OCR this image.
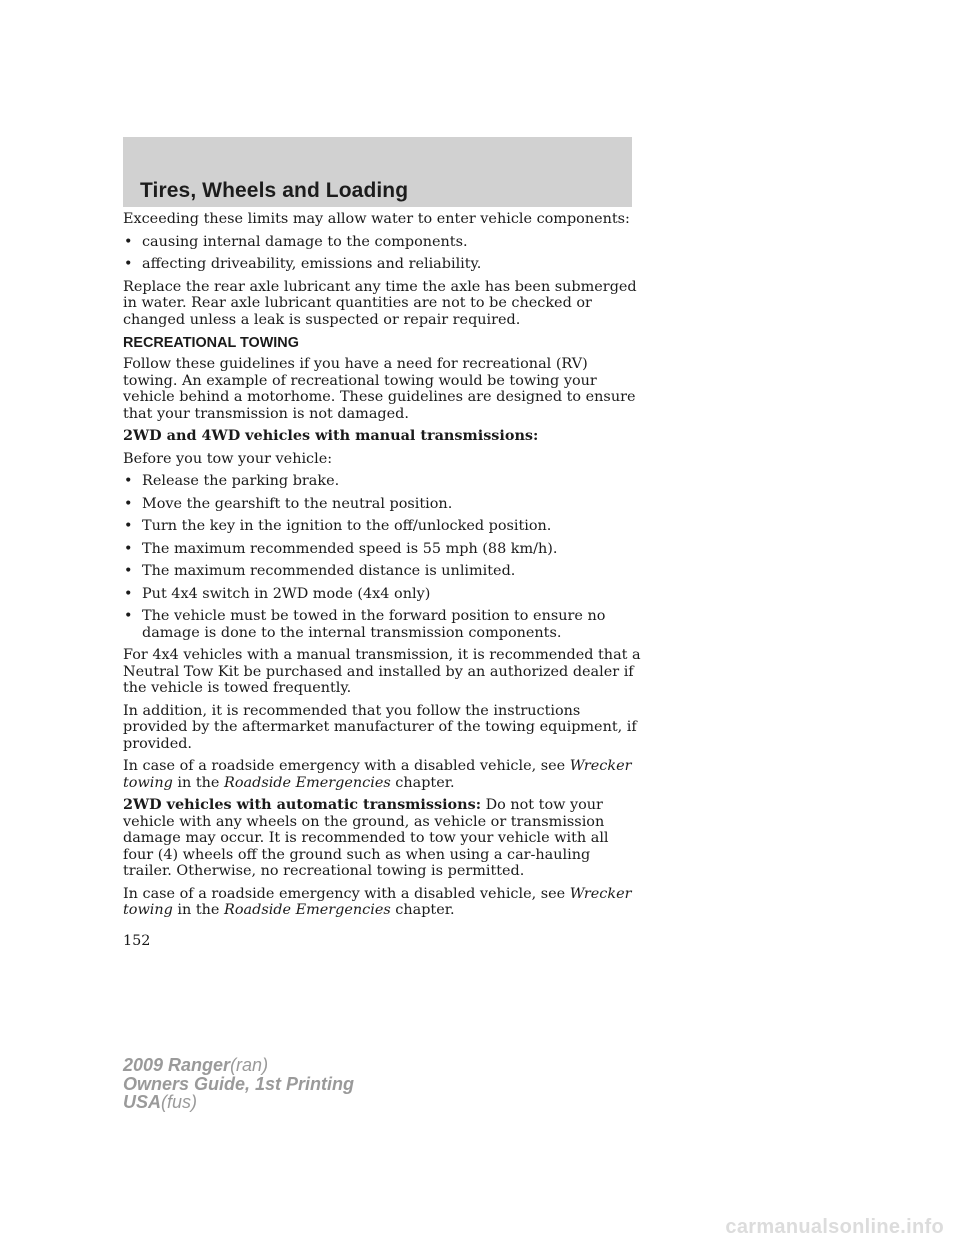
Tires, Wheels and Loading

Exceeding these limits may allow water to enter vehicle components:

• causing internal damage to the components.
• affecting driveability, emissions and reliability.

Replace the rear axle lubricant any time the axle has been submerged in water. Rear axle lubricant quantities are not to be checked or changed unless a leak is suspected or repair required.

RECREATIONAL TOWING

Follow these guidelines if you have a need for recreational (RV) towing. An example of recreational towing would be towing your vehicle behind a motorhome. These guidelines are designed to ensure that your transmission is not damaged.

2WD and 4WD vehicles with manual transmissions:

Before you tow your vehicle:

• Release the parking brake.
• Move the gearshift to the neutral position.
• Turn the key in the ignition to the off/unlocked position.
• The maximum recommended speed is 55 mph (88 km/h).
• The maximum recommended distance is unlimited.
• Put 4x4 switch in 2WD mode (4x4 only)
• The vehicle must be towed in the forward position to ensure no damage is done to the internal transmission components.

For 4x4 vehicles with a manual transmission, it is recommended that a Neutral Tow Kit be purchased and installed by an authorized dealer if the vehicle is towed frequently.

In addition, it is recommended that you follow the instructions provided by the aftermarket manufacturer of the towing equipment, if provided.

In case of a roadside emergency with a disabled vehicle, see Wrecker towing in the Roadside Emergencies chapter.

2WD vehicles with automatic transmissions: Do not tow your vehicle with any wheels on the ground, as vehicle or transmission damage may occur. It is recommended to tow your vehicle with all four (4) wheels off the ground such as when using a car-hauling trailer. Otherwise, no recreational towing is permitted.

In case of a roadside emergency with a disabled vehicle, see Wrecker towing in the Roadside Emergencies chapter.

152
2009 Ranger(ran)
Owners Guide, 1st Printing
USA(fus)
carmanualsonline.info
